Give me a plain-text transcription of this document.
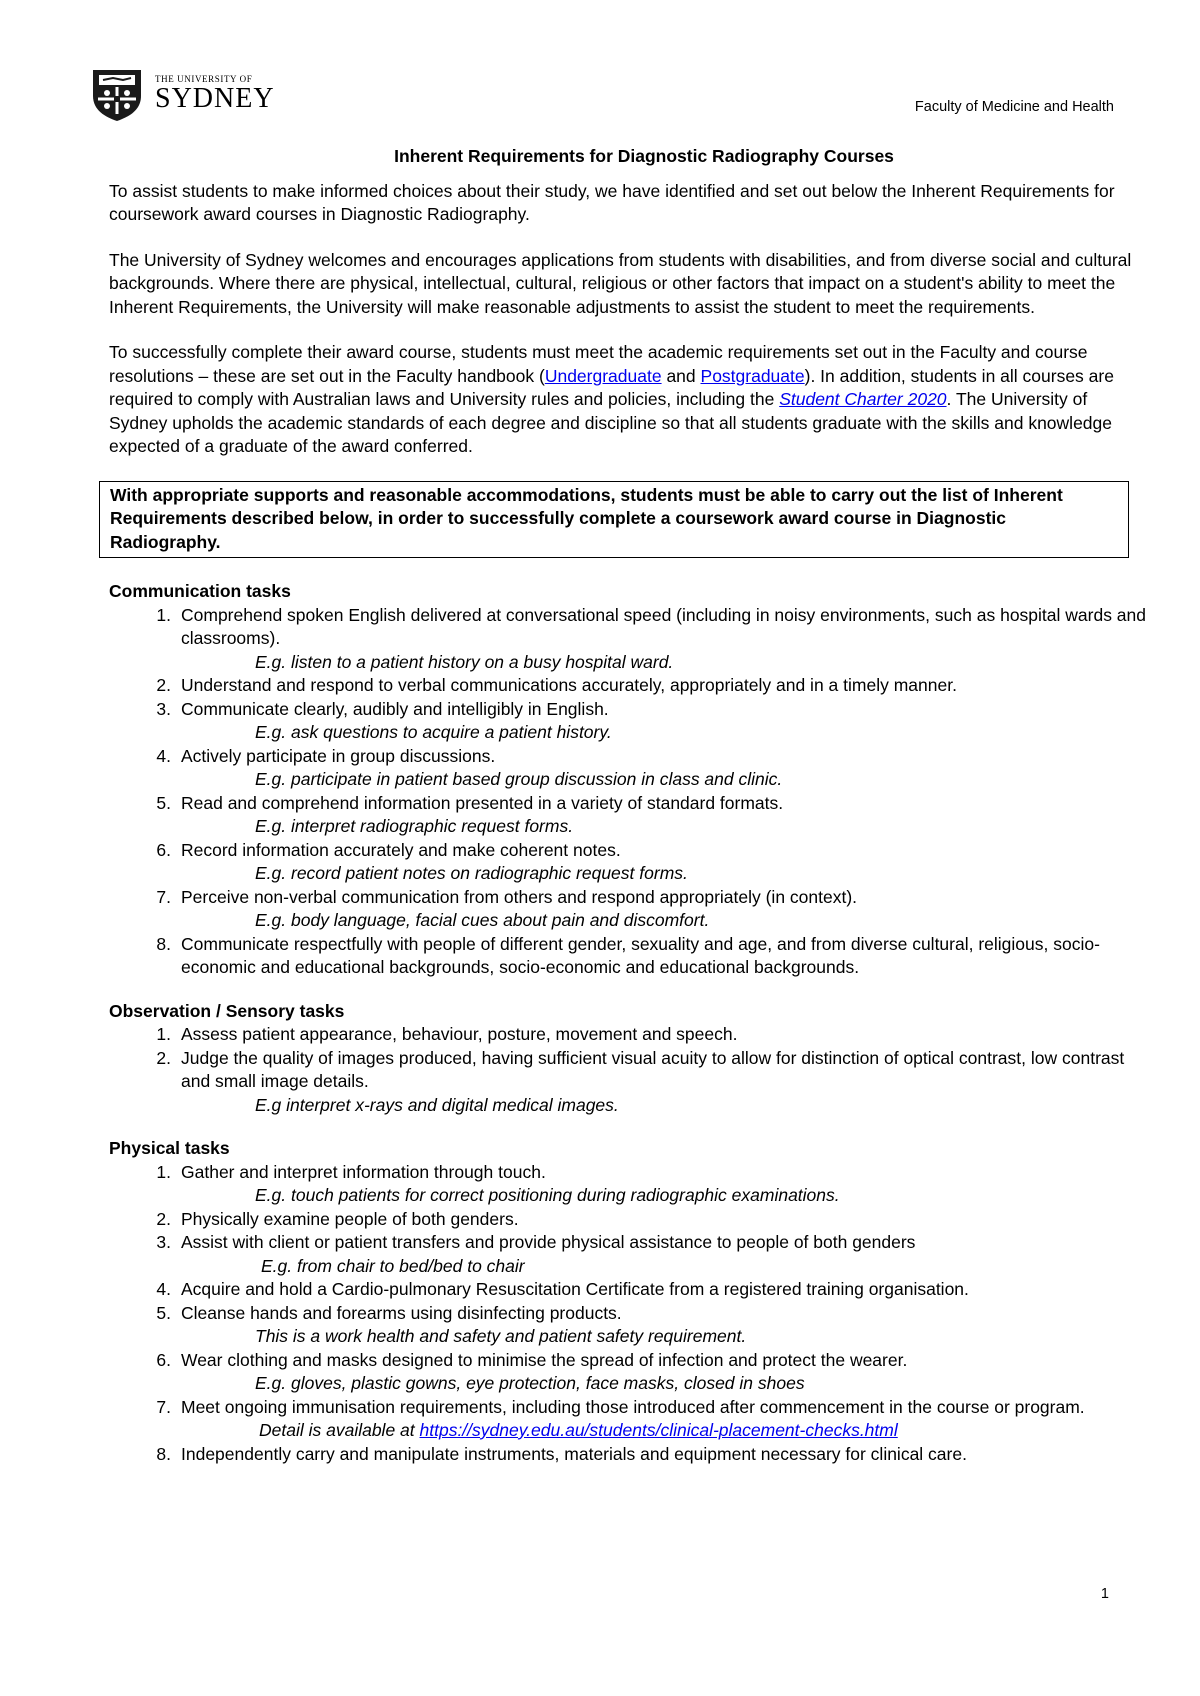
THE UNIVERSITY OF
SYDNEY	Faculty of Medicine and Health
Inherent Requirements for Diagnostic Radiography Courses

To assist students to make informed choices about their study, we have identified and set out below the Inherent Requirements for coursework award courses in Diagnostic Radiography.

The University of Sydney welcomes and encourages applications from students with disabilities, and from diverse social and cultural backgrounds. Where there are physical, intellectual, cultural, religious or other factors that impact on a student's ability to meet the Inherent Requirements, the University will make reasonable adjustments to assist the student to meet the requirements.

To successfully complete their award course, students must meet the academic requirements set out in the Faculty and course resolutions – these are set out in the Faculty handbook (Undergraduate and Postgraduate). In addition, students in all courses are required to comply with Australian laws and University rules and policies, including the Student Charter 2020. The University of Sydney upholds the academic standards of each degree and discipline so that all students graduate with the skills and knowledge expected of a graduate of the award conferred.

With appropriate supports and reasonable accommodations, students must be able to carry out the list of Inherent Requirements described below, in order to successfully complete a coursework award course in Diagnostic Radiography.
Communication tasks
1. Comprehend spoken English delivered at conversational speed (including in noisy environments, such as hospital wards and classrooms).
E.g. listen to a patient history on a busy hospital ward.
2. Understand and respond to verbal communications accurately, appropriately and in a timely manner.
3. Communicate clearly, audibly and intelligibly in English.
E.g. ask questions to acquire a patient history.
4. Actively participate in group discussions.
E.g. participate in patient based group discussion in class and clinic.
5. Read and comprehend information presented in a variety of standard formats.
E.g. interpret radiographic request forms.
6. Record information accurately and make coherent notes.
E.g. record patient notes on radiographic request forms.
7. Perceive non-verbal communication from others and respond appropriately (in context).
E.g. body language, facial cues about pain and discomfort.
8. Communicate respectfully with people of different gender, sexuality and age, and from diverse cultural, religious, socio-economic and educational backgrounds, socio-economic and educational backgrounds.
Observation / Sensory tasks
1. Assess patient appearance, behaviour, posture, movement and speech.
2. Judge the quality of images produced, having sufficient visual acuity to allow for distinction of optical contrast, low contrast and small image details.
E.g interpret x-rays and digital medical images.
Physical tasks
1. Gather and interpret information through touch.
E.g. touch patients for correct positioning during radiographic examinations.
2. Physically examine people of both genders.
3. Assist with client or patient transfers and provide physical assistance to people of both genders
E.g. from chair to bed/bed to chair
4. Acquire and hold a Cardio-pulmonary Resuscitation Certificate from a registered training organisation.
5. Cleanse hands and forearms using disinfecting products.
This is a work health and safety and patient safety requirement.
6. Wear clothing and masks designed to minimise the spread of infection and protect the wearer.
E.g. gloves, plastic gowns, eye protection, face masks, closed in shoes
7. Meet ongoing immunisation requirements, including those introduced after commencement in the course or program.
Detail is available at https://sydney.edu.au/students/clinical-placement-checks.html
8. Independently carry and manipulate instruments, materials and equipment necessary for clinical care.
1
